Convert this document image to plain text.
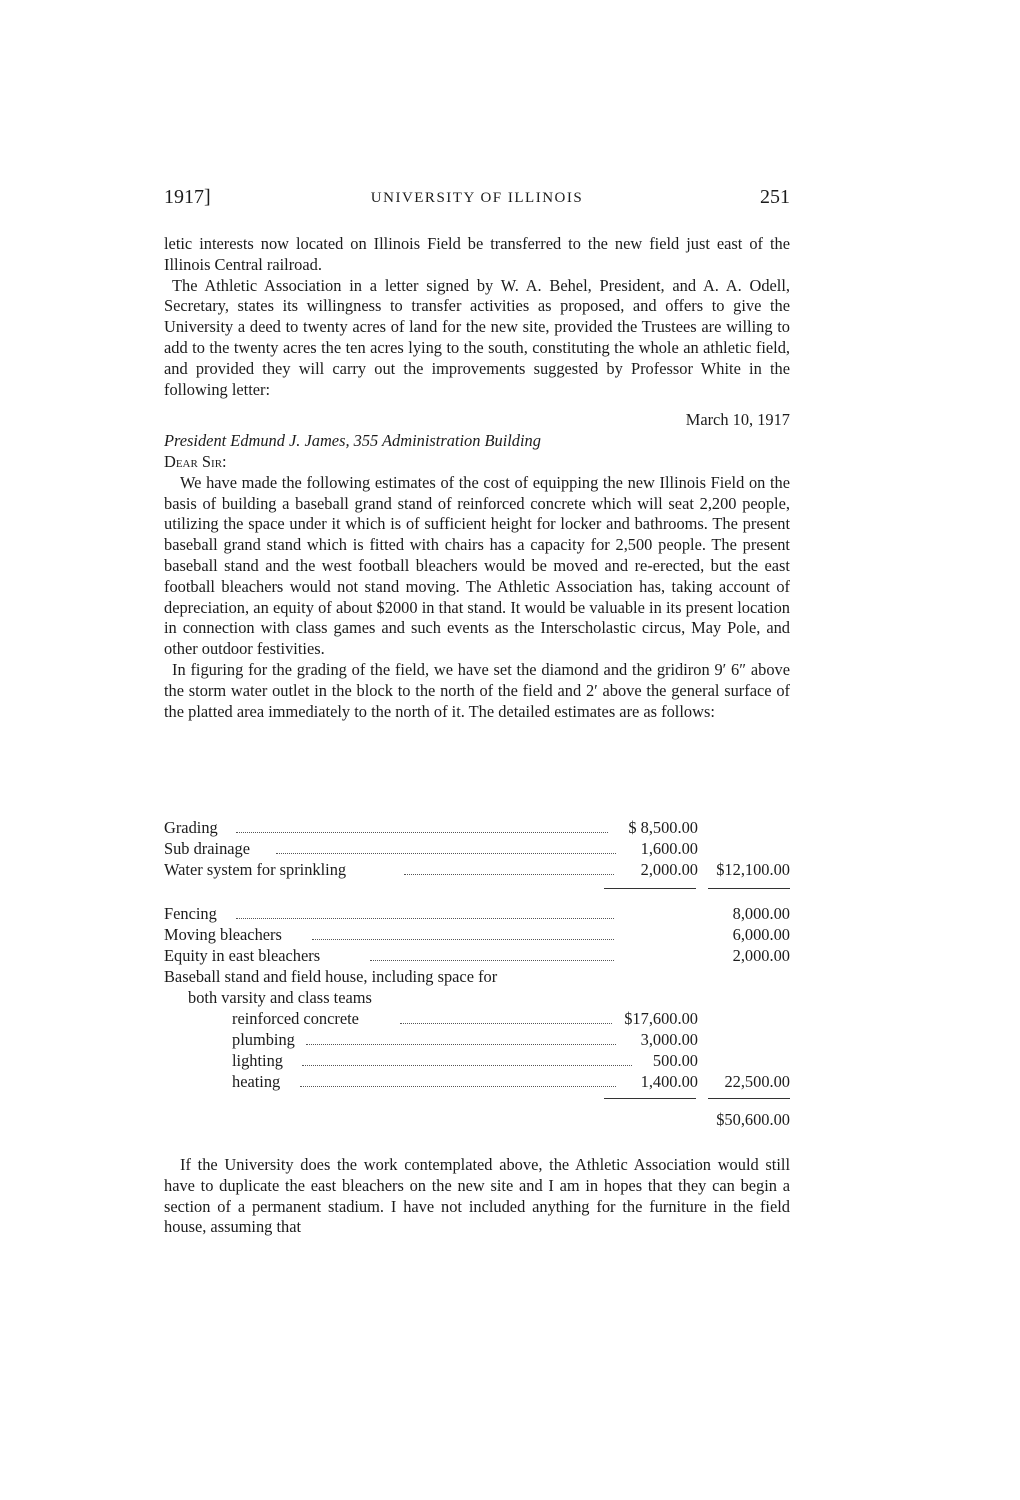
1917]	UNIVERSITY OF ILLINOIS	251

letic interests now located on Illinois Field be transferred to the new field just east of the Illinois Central railroad.

The Athletic Association in a letter signed by W. A. Behel, President, and A. A. Odell, Secretary, states its willingness to transfer activities as proposed, and offers to give the University a deed to twenty acres of land for the new site, provided the Trustees are willing to add to the twenty acres the ten acres lying to the south, constituting the whole an athletic field, and provided they will carry out the improvements suggested by Professor White in the following letter:

March 10, 1917
President Edmund J. James, 355 Administration Building
Dear Sir:

We have made the following estimates of the cost of equipping the new Illinois Field on the basis of building a baseball grand stand of reinforced concrete which will seat 2,200 people, utilizing the space under it which is of sufficient height for locker and bathrooms. The present baseball grand stand which is fitted with chairs has a capacity for 2,500 people. The present baseball stand and the west football bleachers would be moved and re-erected, but the east football bleachers would not stand moving. The Athletic Association has, taking account of depreciation, an equity of about $2000 in that stand. It would be valuable in its present location in connection with class games and such events as the Interscholastic circus, May Pole, and other outdoor festivities.

In figuring for the grading of the field, we have set the diamond and the gridiron 9′ 6″ above the storm water outlet in the block to the north of the field and 2′ above the general surface of the platted area immediately to the north of it. The detailed estimates are as follows:

Grading	$ 8,500.00
Sub drainage	1,600.00
Water system for sprinkling	2,000.00 $12,100.00
Fencing	8,000.00
Moving bleachers	6,000.00
Equity in east bleachers	2,000.00
Baseball stand and field house, including space for
both varsity and class teams
reinforced concrete	$17,600.00
plumbing	3,000.00
lighting	500.00
heating	1,400.00 22,500.00
$50,600.00

If the University does the work contemplated above, the Athletic Association would still have to duplicate the east bleachers on the new site and I am in hopes that they can begin a section of a permanent stadium. I have not included anything for the furniture in the field house, assuming that
